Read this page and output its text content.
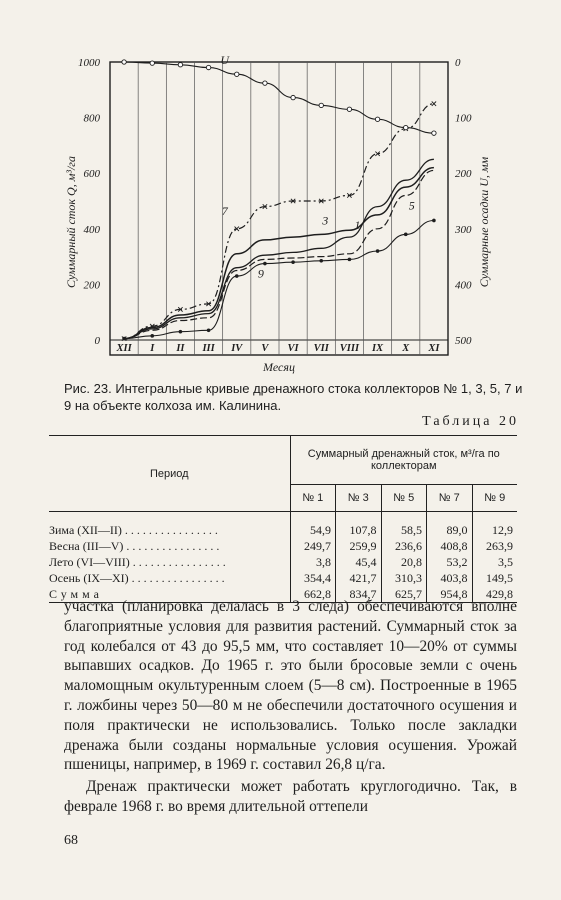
1
3
5
7
9
U
0
200
400
600
800
1000	0
100
200
300
400
500
XII I II III IV V VI VII VIII IX X XI
Суммарный сток Q, м³/га	Суммарные осадки U, мм
Месяц
Рис. 23. Интегральные кривые дренажного стока коллекторов № 1, 3, 5, 7 и 9 на объекте колхоза им. Калинина.
Таблица 20
Период	Суммарный дренажный сток, м³/га по коллекторам				
	№ 1	№ 3	№ 5	№ 7	№ 9
Зима (XII—II) . . . . . . . . . . . . . . . .	54,9	107,8	58,5	89,0	12,9
Весна (III—V) . . . . . . . . . . . . . . . .	249,7	259,9	236,6	408,8	263,9
Лето (VI—VIII) . . . . . . . . . . . . . . . .	3,8	45,4	20,8	53,2	3,5
Осень (IX—XI) . . . . . . . . . . . . . . . .	354,4	421,7	310,3	403,8	149,5
Сумма	662,8	834,7	625,7	954,8	429,8

участка (планировка делалась в 3 следа) обеспечиваются вполне благоприятные условия для развития растений. Суммарный сток за год колебался от 43 до 95,5 мм, что составляет 10—20% от суммы выпавших осадков. До 1965 г. это были бросовые земли с очень маломощным окультуренным слоем (5—8 см). Построенные в 1965 г. ложбины через 50—80 м не обеспечили достаточного осушения и поля практически не использовались. Только после закладки дренажа были созданы нормальные условия осушения. Урожай пшеницы, например, в 1969 г. составил 26,8 ц/га.

Дренаж практически может работать круглогодично. Так, в феврале 1968 г. во время длительной оттепели

68
